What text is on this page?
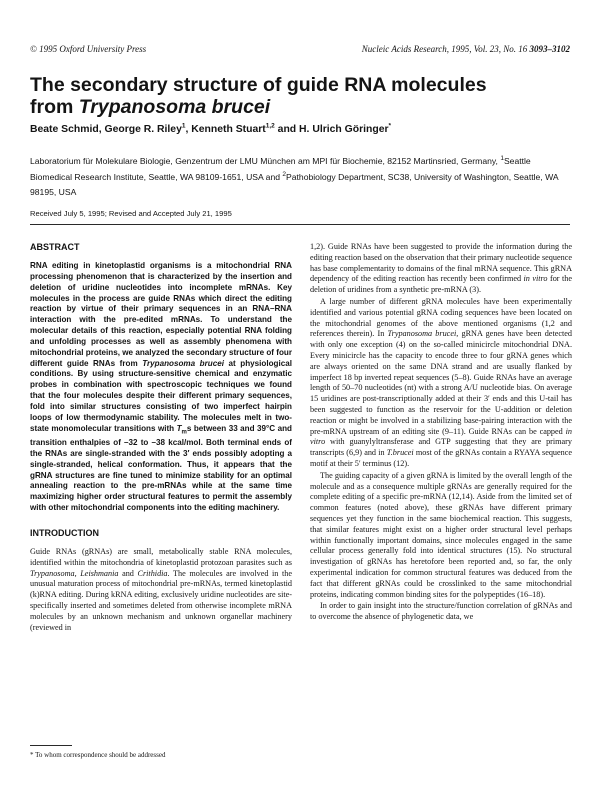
© 1995 Oxford University Press	Nucleic Acids Research, 1995, Vol. 23, No. 16 3093–3102
The secondary structure of guide RNA molecules
from Trypanosoma brucei
Beate Schmid, George R. Riley$^1$, Kenneth Stuart$^{1,2}$ and H. Ulrich Göringer*
Laboratorium für Molekulare Biologie, Genzentrum der LMU München am MPI für Biochemie, 82152 Martinsried, Germany, $^1$Seattle Biomedical Research Institute, Seattle, WA 98109-1651, USA and $^2$Pathobiology Department, SC38, University of Washington, Seattle, WA 98195, USA
Received July 5, 1995; Revised and Accepted July 21, 1995
ABSTRACT

RNA editing in kinetoplastid organisms is a mitochondrial RNA processing phenomenon that is characterized by the insertion and deletion of uridine nucleotides into incomplete mRNAs. Key molecules in the process are guide RNAs which direct the editing reaction by virtue of their primary sequences in an RNA–RNA interaction with the pre-edited mRNAs. To understand the molecular details of this reaction, especially potential RNA folding and unfolding processes as well as assembly phenomena with mitochondrial proteins, we analyzed the secondary structure of four different guide RNAs from Trypanosoma brucei at physiological conditions. By using structure-sensitive chemical and enzymatic probes in combination with spectroscopic techniques we found that the four molecules despite their different primary sequences, fold into similar structures consisting of two imperfect hairpin loops of low thermodynamic stability. The molecules melt in two-state monomolecular transitions with $T_ms$ between 33 and 39°C and transition enthalpies of –32 to –38 kcal/mol. Both terminal ends of the RNAs are single-stranded with the 3′ ends possibly adopting a single-stranded, helical conformation. Thus, it appears that the gRNA structures are fine tuned to minimize stability for an optimal annealing reaction to the pre-mRNAs while at the same time maximizing higher order structural features to permit the assembly with other mitochondrial components into the editing machinery.

INTRODUCTION

Guide RNAs (gRNAs) are small, metabolically stable RNA molecules, identified within the mitochondria of kinetoplastid protozoan parasites such as Trypanosoma, Leishmania and Crithidia. The molecules are involved in the unusual maturation process of mitochondrial pre-mRNAs, termed kinetoplastid (k)RNA editing. During kRNA editing, exclusively uridine nucleotides are site-specifically inserted and sometimes deleted from otherwise incomplete mRNA molecules by an unknown mechanism and unknown organellar machinery (reviewed in

1,2). Guide RNAs have been suggested to provide the information during the editing reaction based on the observation that their primary nucleotide sequence has base complementarity to domains of the final mRNA sequence. This gRNA dependency of the editing reaction has recently been confirmed in vitro for the deletion of uridines from a synthetic pre-mRNA (3).

A large number of different gRNA molecules have been experimentally identified and various potential gRNA coding sequences have been located on the mitochondrial genomes of the above mentioned organisms (1,2 and references therein). In Trypanosoma brucei, gRNA genes have been detected with only one exception (4) on the so-called minicircle mitochondrial DNA. Every minicircle has the capacity to encode three to four gRNA genes which are always oriented on the same DNA strand and are usually flanked by imperfect 18 bp inverted repeat sequences (5–8). Guide RNAs have an average length of 50–70 nucleotides (nt) with a strong A/U nucleotide bias. On average 15 uridines are post-transcriptionally added at their 3′ ends and this U-tail has been suggested to function as the reservoir for the U-addition or deletion reaction or might be involved in a stabilizing base-pairing interaction with the pre-mRNA upstream of an editing site (9–11). Guide RNAs can be capped in vitro with guanylyltransferase and GTP suggesting that they are primary transcripts (6,9) and in T.brucei most of the gRNAs contain a RYAYA sequence motif at their 5′ terminus (12).

The guiding capacity of a given gRNA is limited by the overall length of the molecule and as a consequence multiple gRNAs are generally required for the complete editing of a specific pre-mRNA (12,14). Aside from the limited set of common features (noted above), these gRNAs have different primary sequences yet they function in the same biochemical reaction. This suggests, that similar features might exist on a higher order structural level perhaps within functionally important domains, since molecules engaged in the same cellular process generally fold into identical structures (15). No structural investigation of gRNAs has heretofore been reported and, so far, the only experimental indication for common structural features was deduced from the fact that different gRNAs could be crosslinked to the same mitochondrial proteins, indicating common binding sites for the polypeptides (16–18).

In order to gain insight into the structure/function correlation of gRNAs and to overcome the absence of phylogenetic data, we

* To whom correspondence should be addressed
